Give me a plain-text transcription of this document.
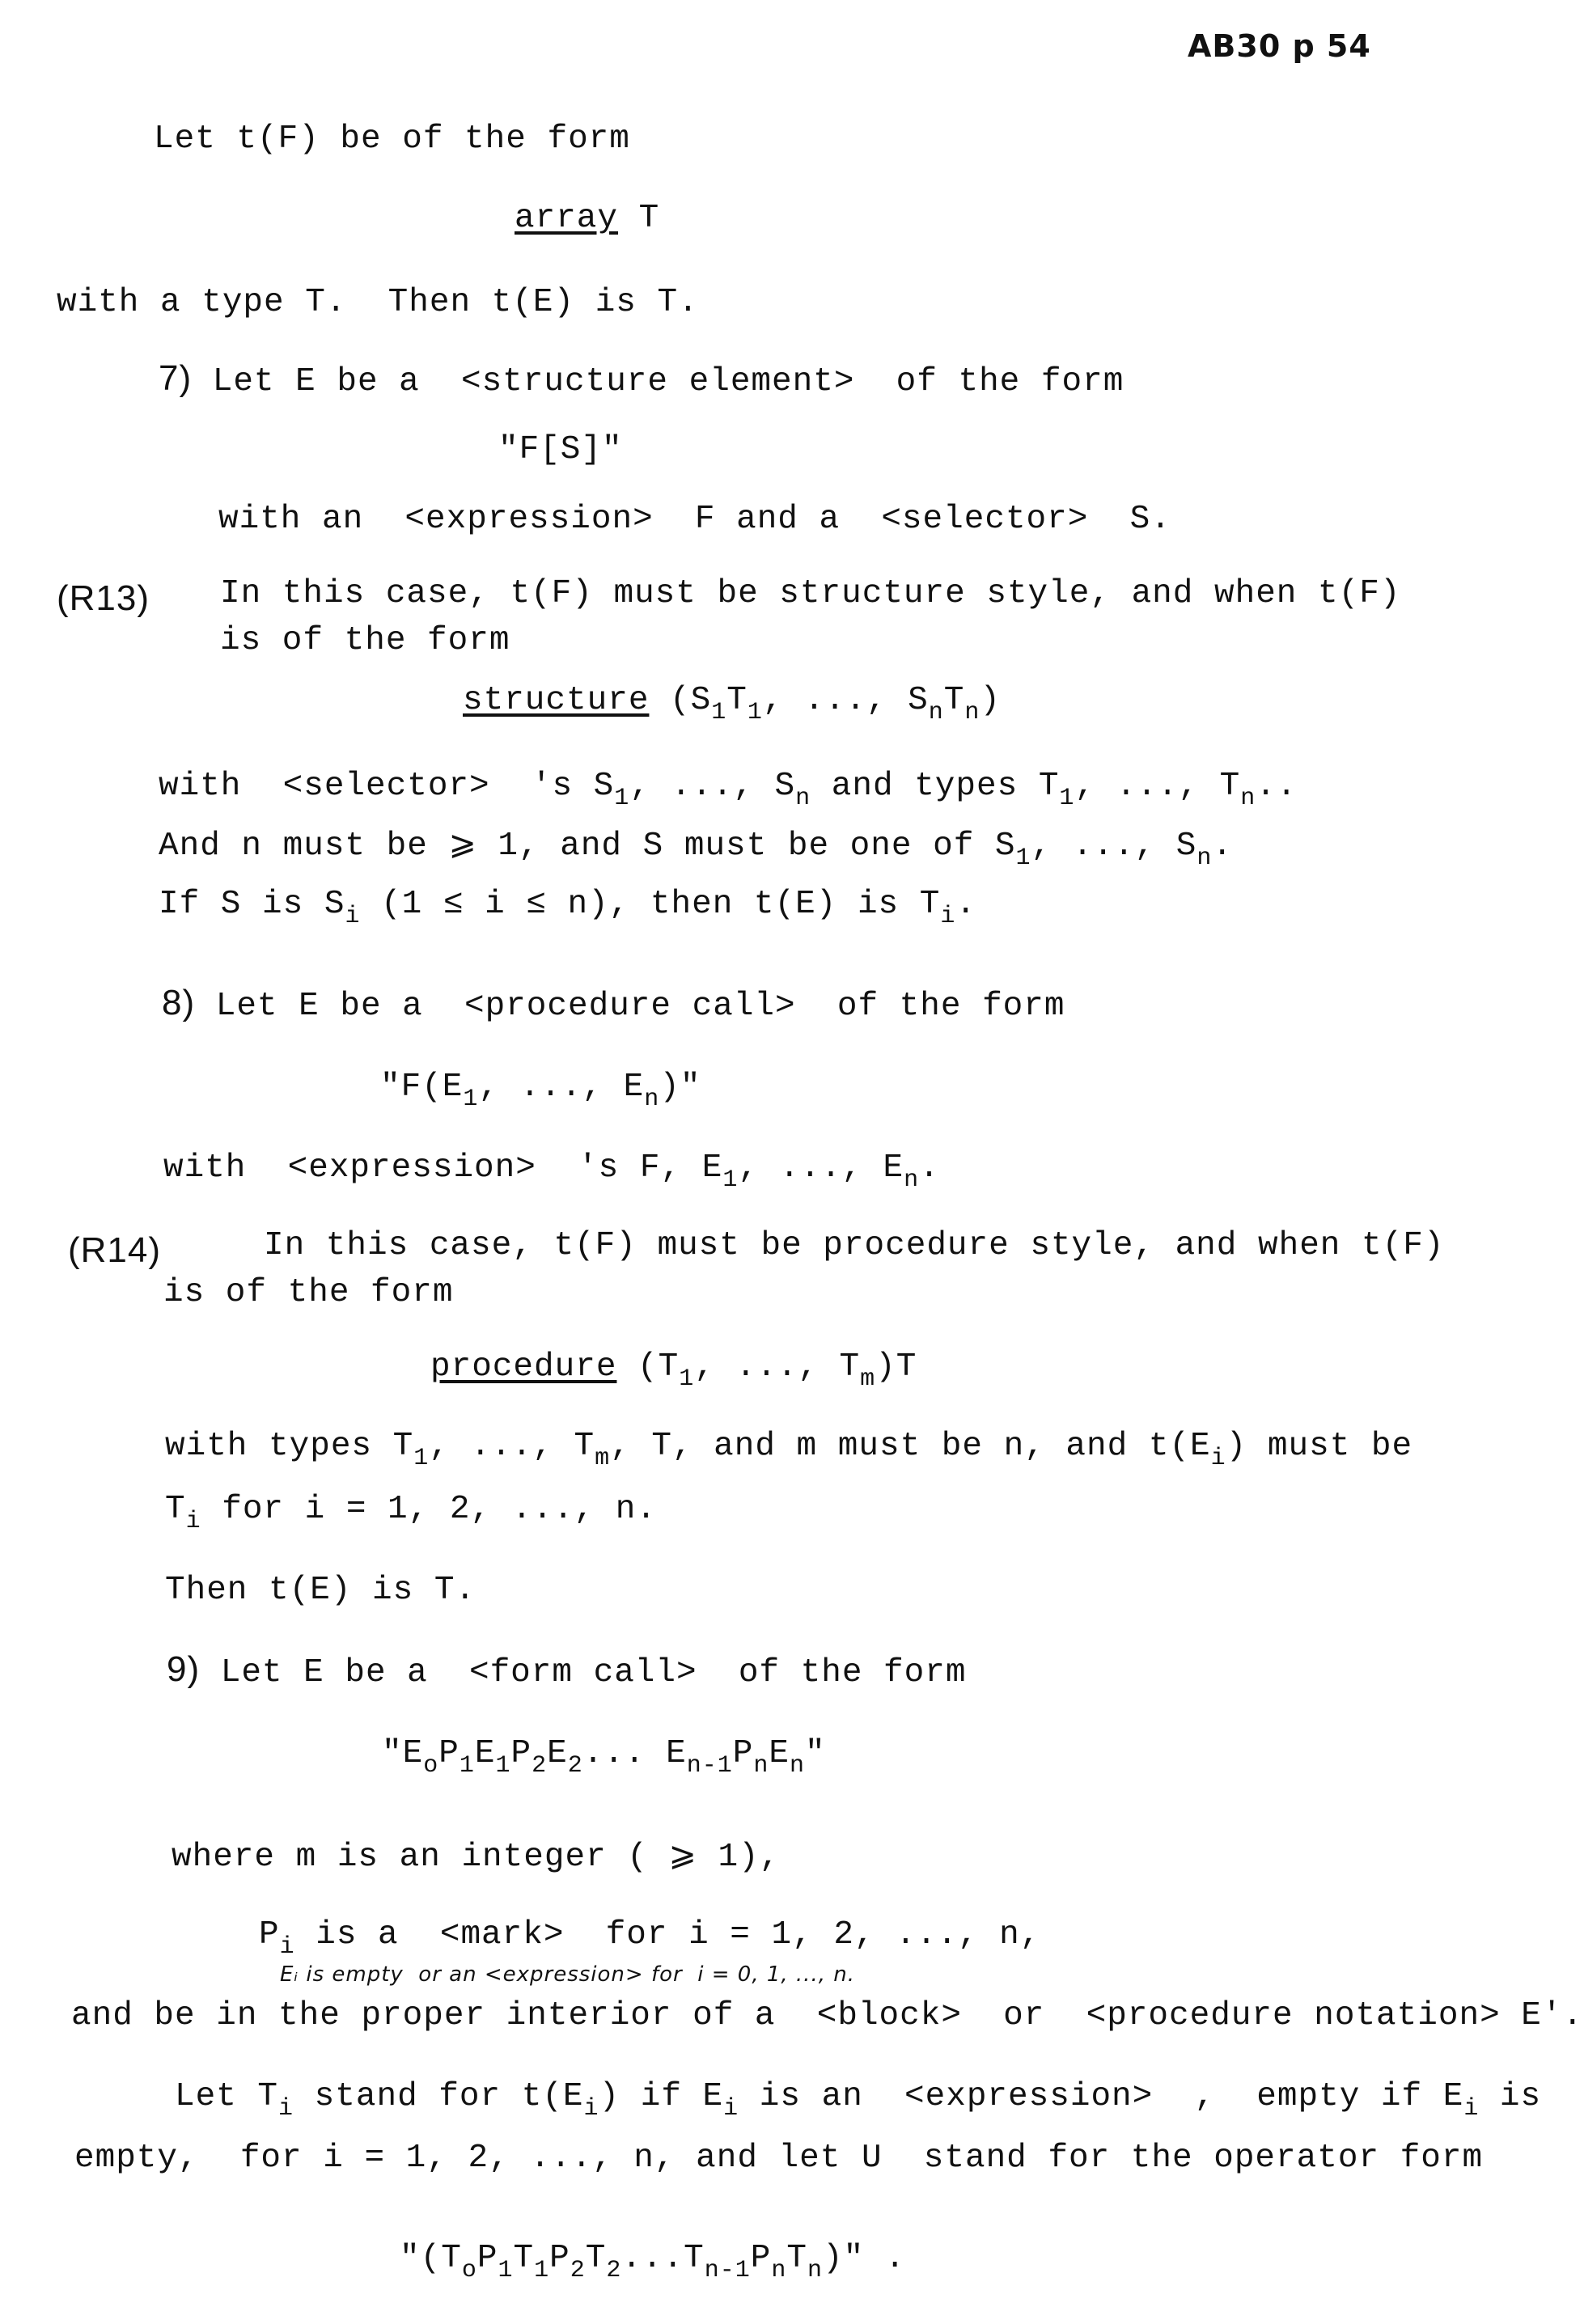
AB30 p 54
Let t(F) be of the form
array T
with a type T.  Then t(E) is T.
7) Let E be a  <structure element>  of the form
"F[S]"
with an  <expression>  F and a  <selector>  S.
(R13) In this case, t(F) must be structure style, and when t(F)
is of the form
structure ($S_1T_1$, ..., $S_nT_n$)
with  <selector>  's $S_1$, ..., $S_n$ and types $T_1$, ..., $T_n$..
And n must be ⩾ 1, and S must be one of $S_1$, ..., $S_n$.
If S is $S_i$ (1 ≤ i ≤ n), then t(E) is $T_i$.
8) Let E be a  <procedure call>  of the form
"$F(E_1$, ..., $E_n$)"
with  <expression>  's F, $E_1$, ..., $E_n$.
(R14)	In this case, t(F) must be procedure style, and when t(F)
is of the form
procedure ($T_1$, ..., $T_m)T$
with types $T_1$, ..., $T_m$, T, and m must be n, and $t(E_i)$ must be
$T_i$ for i = 1, 2, ..., n.
Then t(E) is T.
9) Let E be a  <form call>  of the form
"$E_oP_1E_1P_2E_2$... $E_{n-1}P_nE_n$"
where m is an integer ( ⩾ 1),
$P_i$ is a  <mark>  for i = 1, 2, ..., n,
Eᵢ is empty  or an <expression> for  i = 0, 1, ..., n.
and be in the proper interior of a  <block>  or  <procedure notation> E'.
Let $T_i$ stand for $t(E_i)$ if $E_i$ is an  <expression>  ,  empty if $E_i$ is
empty,  for i = 1, 2, ..., n, and let U  stand for the operator form
"$(T_oP_1T_1P_2T_2...T_{n-1}P_nT_n)$" .
